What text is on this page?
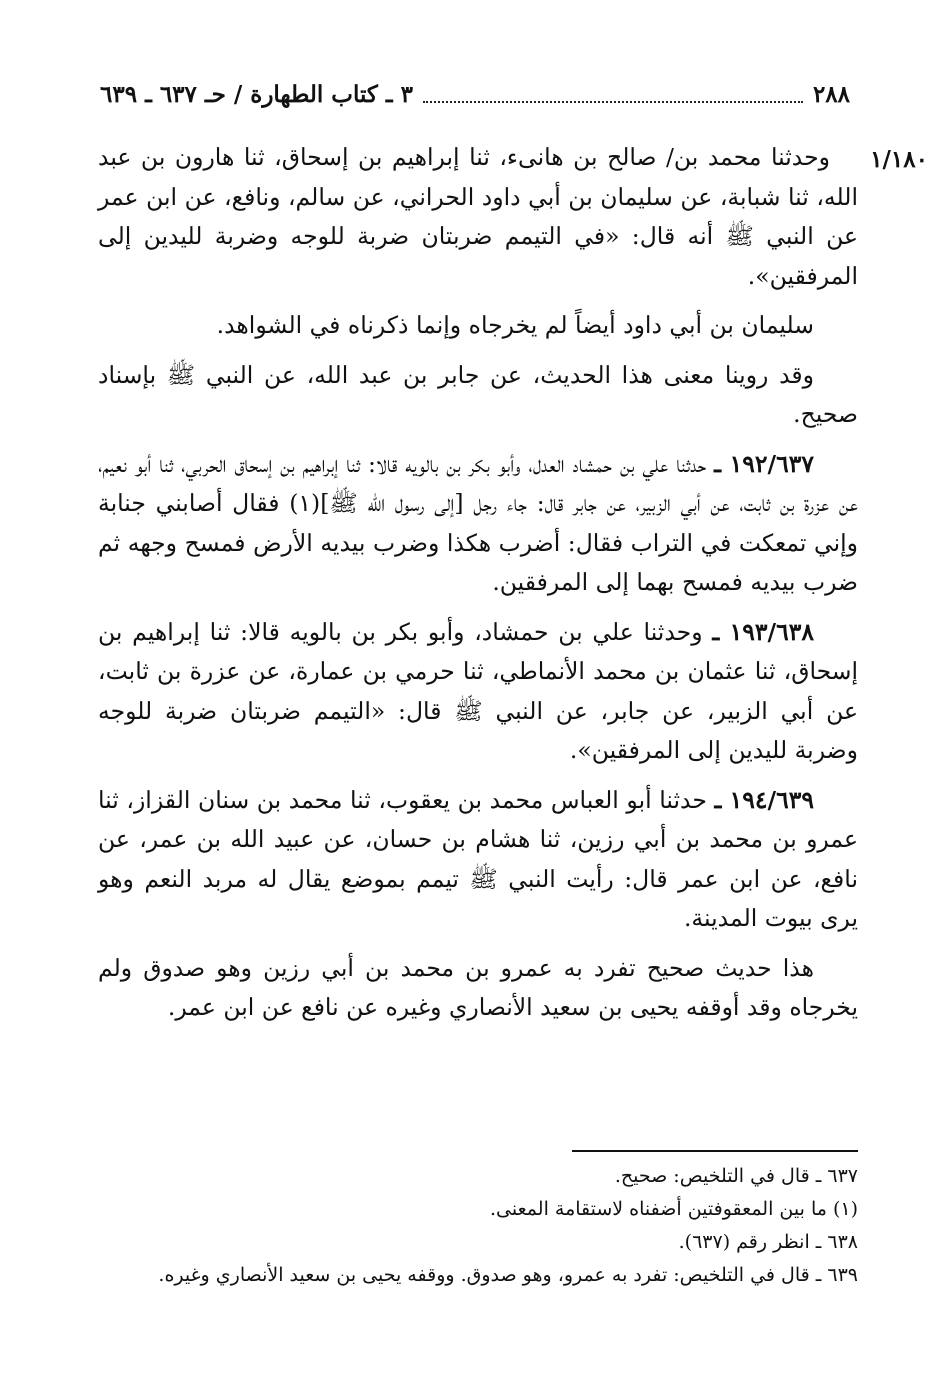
٢٨٨
٣ ـ كتاب الطهارة / حـ ٦٣٧ ـ ٦٣٩
١/١٨٠

وحدثنا محمد بن/ صالح بن هانىء، ثنا إبراهيم بن إسحاق، ثنا هارون بن عبد الله، ثنا شبابة، عن سليمان بن أبي داود الحراني، عن سالم، ونافع، عن ابن عمر عن النبي ﷺ أنه قال: «في التيمم ضربتان ضربة للوجه وضربة لليدين إلى المرفقين».

سليمان بن أبي داود أيضاً لم يخرجاه وإنما ذكرناه في الشواهد.

وقد روينا معنى هذا الحديث، عن جابر بن عبد الله، عن النبي ﷺ بإسناد صحيح.

١٩٢/٦٣٧ ـ حدثنا علي بن حمشاد العدل، وأبو بكر بن بالويه قالا: ثنا إبراهيم بن إسحاق الحربي، ثنا أبو نعيم، عن عزرة بن ثابت، عن أبي الزبير، عن جابر قال: جاء رجل [إلى رسول الله ﷺ](١) فقال أصابني جنابة وإني تمعكت في التراب فقال: أضرب هكذا وضرب بيديه الأرض فمسح وجهه ثم ضرب بيديه فمسح بهما إلى المرفقين.

١٩٣/٦٣٨ ـ وحدثنا علي بن حمشاد، وأبو بكر بن بالويه قالا: ثنا إبراهيم بن إسحاق، ثنا عثمان بن محمد الأنماطي، ثنا حرمي بن عمارة، عن عزرة بن ثابت، عن أبي الزبير، عن جابر، عن النبي ﷺ قال: «التيمم ضربتان ضربة للوجه وضربة لليدين إلى المرفقين».

١٩٤/٦٣٩ ـ حدثنا أبو العباس محمد بن يعقوب، ثنا محمد بن سنان القزاز، ثنا عمرو بن محمد بن أبي رزين، ثنا هشام بن حسان، عن عبيد الله بن عمر، عن نافع، عن ابن عمر قال: رأيت النبي ﷺ تيمم بموضع يقال له مربد النعم وهو يرى بيوت المدينة.

هذا حديث صحيح تفرد به عمرو بن محمد بن أبي رزين وهو صدوق ولم يخرجاه وقد أوقفه يحيى بن سعيد الأنصاري وغيره عن نافع عن ابن عمر.

٦٣٧ ـ قال في التلخيص: صحيح.
(١) ما بين المعقوفتين أضفناه لاستقامة المعنى.
٦٣٨ ـ انظر رقم (٦٣٧).
٦٣٩ ـ قال في التلخيص: تفرد به عمرو، وهو صدوق. ووقفه يحيى بن سعيد الأنصاري وغيره.
